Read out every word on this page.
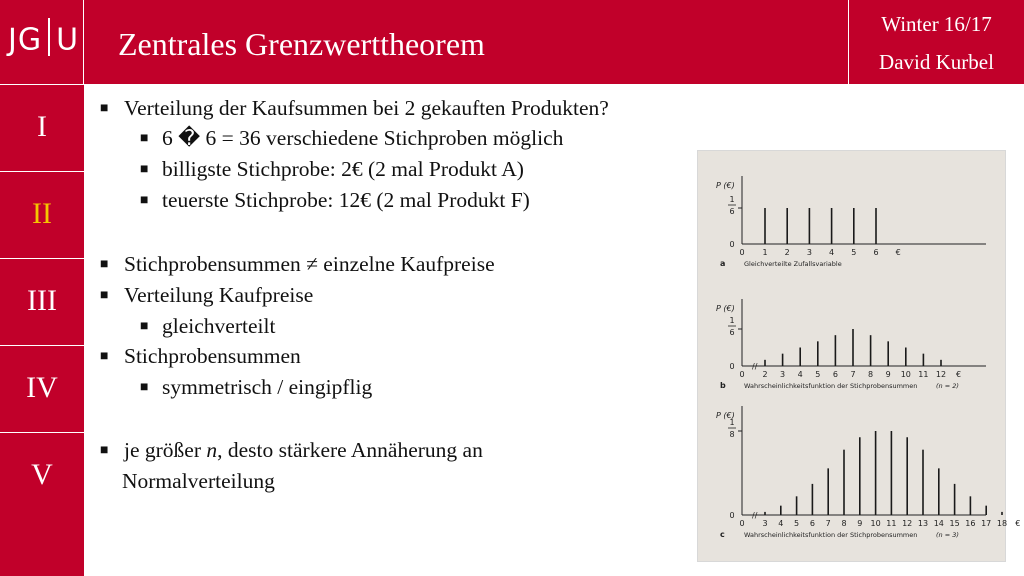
JG U Zentrales Grenzwerttheorem
Winter 16/17
David Kurbel
I
II
III
IV
V
■ Verteilung der Kaufsummen bei 2 gekauften Produkten?
■ 6 � 6 = 36 verschiedene Stichproben möglich
■ billigste Stichprobe: 2€ (2 mal Produkt A)
■ teuerste Stichprobe: 12€ (2 mal Produkt F)
■ Stichprobensummen ≠ einzelne Kaufpreise
■ Verteilung Kaufpreise
■ gleichverteilt
■ Stichprobensummen
■ symmetrisch / eingipflig
■ je größer n, desto stärkere Annäherung an
Normalverteilung
P (€)
1
6
0
0 1 2 3 4 5 6 €
a	Gleichverteilte Zufallsvariable
P (€)
1
6
0
0 2 3 4 5 6 7 8 9 10 11 12 €
//
b	Wahrscheinlichkeitsfunktion der Stichprobensummen	(n = 2)
P (€)
1
8
0
0 3 4 5 6 7 8 9 10 11 12 13 14 15 16 17 18 €
//
c	Wahrscheinlichkeitsfunktion der Stichprobensummen	(n = 3)
